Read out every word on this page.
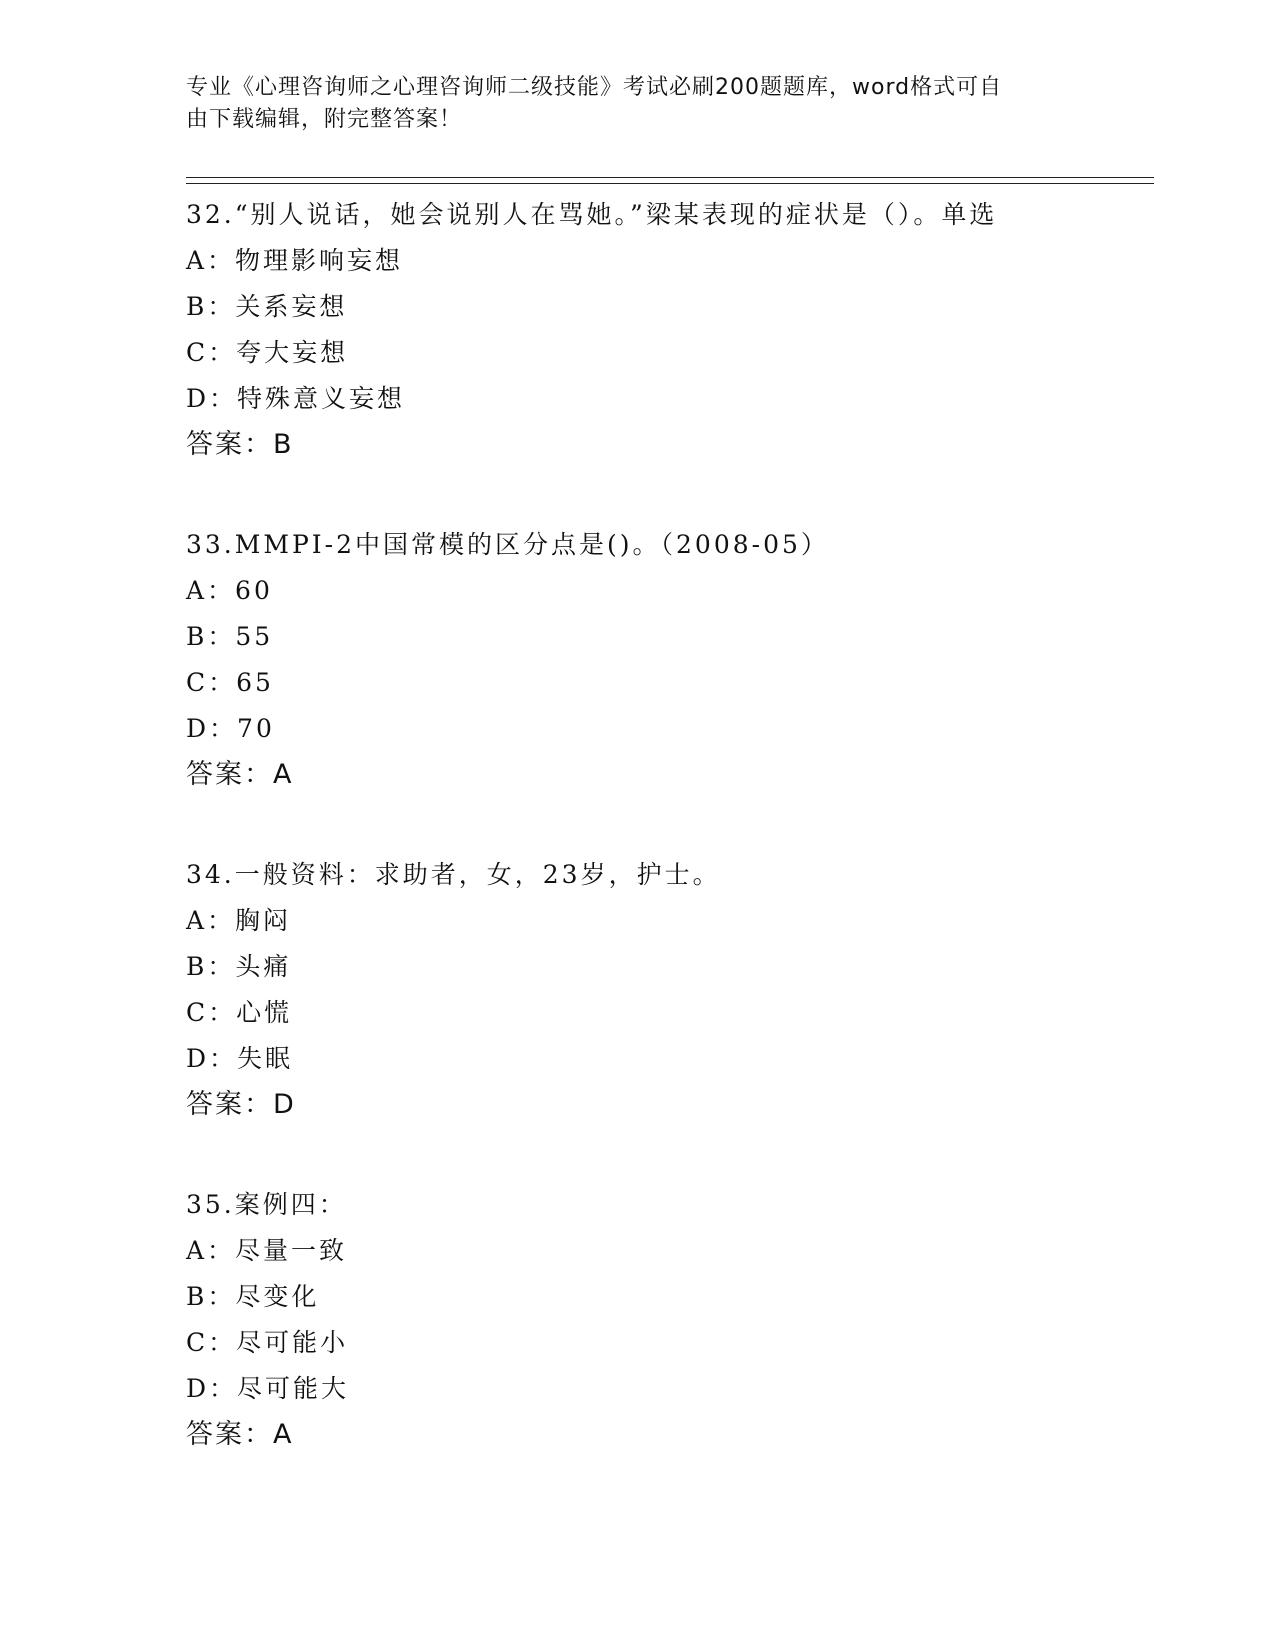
专业《心理咨询师之心理咨询师二级技能》考试必刷200题题库，word格式可自
由下载编辑，附完整答案！
32.“别人说话，她会说别人在骂她。”梁某表现的症状是（）。单选
A：物理影响妄想
B：关系妄想
C：夸大妄想
D：特殊意义妄想
答案：B
33.MMPI-2中国常模的区分点是()。（2008-05）
A：60
B：55
C：65
D：70
答案：A
34.一般资料：求助者，女，23岁，护士。
A：胸闷
B：头痛
C：心慌
D：失眠
答案：D
35.案例四：
A：尽量一致
B：尽变化
C：尽可能小
D：尽可能大
答案：A
